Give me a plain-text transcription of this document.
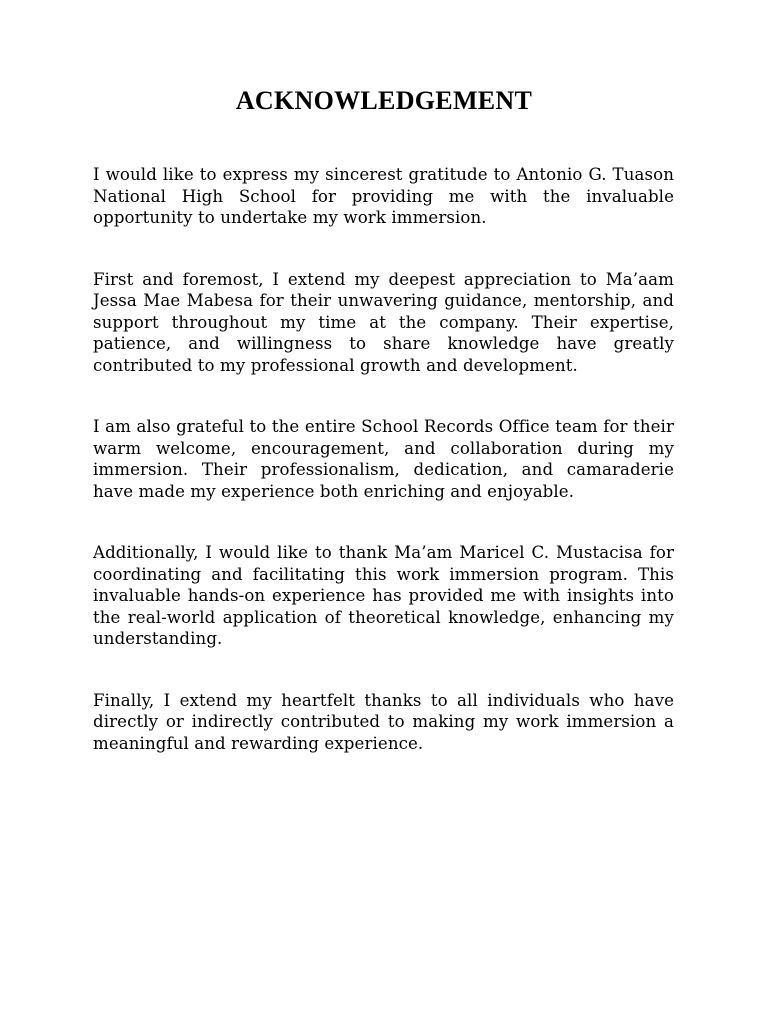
ACKNOWLEDGEMENT

I would like to express my sincerest gratitude to Antonio G. Tuason National High School for providing me with the invaluable opportunity to undertake my work immersion.

First and foremost, I extend my deepest appreciation to Ma’aam Jessa Mae Mabesa for their unwavering guidance, mentorship, and support throughout my time at the company. Their expertise, patience, and willingness to share knowledge have greatly contributed to my professional growth and development.

I am also grateful to the entire School Records Office team for their warm welcome, encouragement, and collaboration during my immersion. Their professionalism, dedication, and camaraderie have made my experience both enriching and enjoyable.

Additionally, I would like to thank Ma’am Maricel C. Mustacisa for coordinating and facilitating this work immersion program. This invaluable hands-on experience has provided me with insights into the real-world application of theoretical knowledge, enhancing my understanding.

Finally, I extend my heartfelt thanks to all individuals who have directly or indirectly contributed to making my work immersion a meaningful and rewarding experience.
